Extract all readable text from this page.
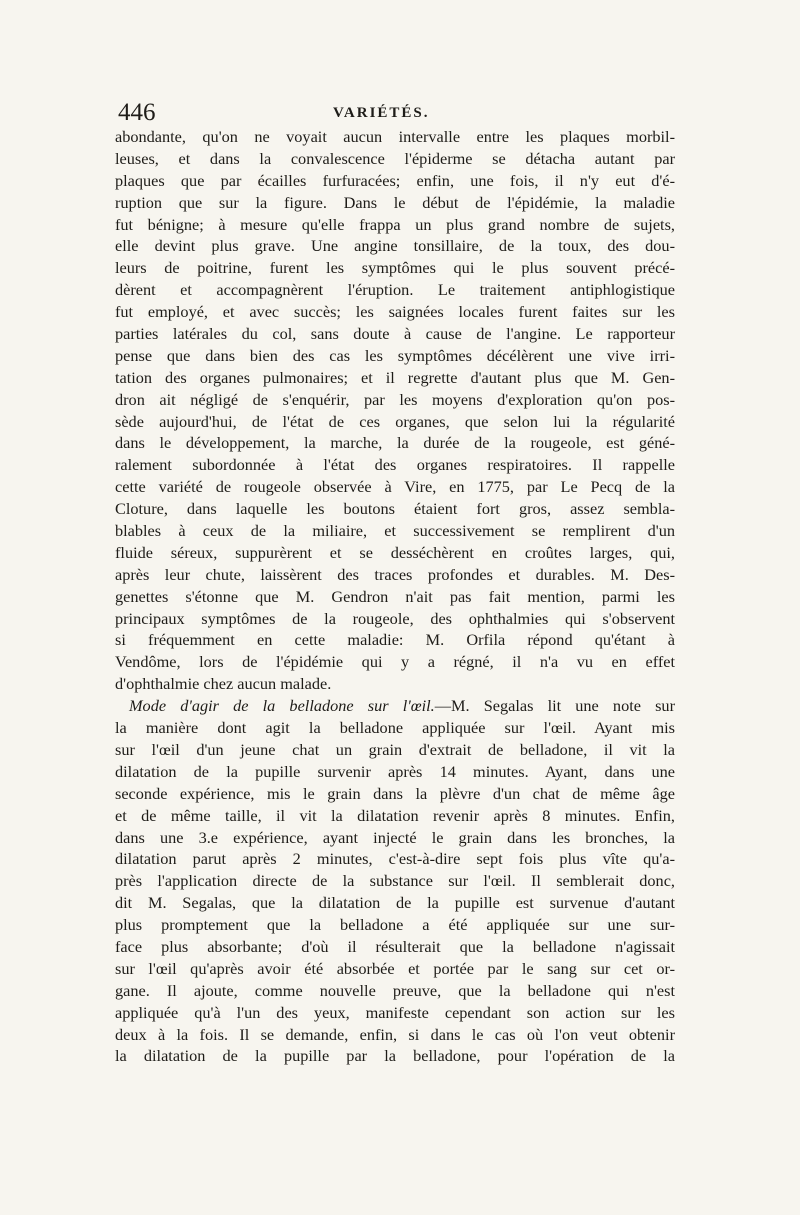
446	VARIÉTÉS.
abondante, qu'on ne voyait aucun intervalle entre les plaques morbil-
leuses, et dans la convalescence l'épiderme se détacha autant par
plaques que par écailles furfuracées; enfin, une fois, il n'y eut d'é-
ruption que sur la figure. Dans le début de l'épidémie, la maladie
fut bénigne; à mesure qu'elle frappa un plus grand nombre de sujets,
elle devint plus grave. Une angine tonsillaire, de la toux, des dou-
leurs de poitrine, furent les symptômes qui le plus souvent précé-
dèrent et accompagnèrent l'éruption. Le traitement antiphlogistique
fut employé, et avec succès; les saignées locales furent faites sur les
parties latérales du col, sans doute à cause de l'angine. Le rapporteur
pense que dans bien des cas les symptômes décélèrent une vive irri-
tation des organes pulmonaires; et il regrette d'autant plus que M. Gen-
dron ait négligé de s'enquérir, par les moyens d'exploration qu'on pos-
sède aujourd'hui, de l'état de ces organes, que selon lui la régularité
dans le développement, la marche, la durée de la rougeole, est géné-
ralement subordonnée à l'état des organes respiratoires. Il rappelle
cette variété de rougeole observée à Vire, en 1775, par Le Pecq de la
Cloture, dans laquelle les boutons étaient fort gros, assez sembla-
blables à ceux de la miliaire, et successivement se remplirent d'un
fluide séreux, suppurèrent et se desséchèrent en croûtes larges, qui,
après leur chute, laissèrent des traces profondes et durables. M. Des-
genettes s'étonne que M. Gendron n'ait pas fait mention, parmi les
principaux symptômes de la rougeole, des ophthalmies qui s'observent
si fréquemment en cette maladie: M. Orfila répond qu'étant à
Vendôme, lors de l'épidémie qui y a régné, il n'a vu en effet
d'ophthalmie chez aucun malade.
Mode d'agir de la belladone sur l'œil.—M. Segalas lit une note sur
la manière dont agit la belladone appliquée sur l'œil. Ayant mis
sur l'œil d'un jeune chat un grain d'extrait de belladone, il vit la
dilatation de la pupille survenir après 14 minutes. Ayant, dans une
seconde expérience, mis le grain dans la plèvre d'un chat de même âge
et de même taille, il vit la dilatation revenir après 8 minutes. Enfin,
dans une 3.e expérience, ayant injecté le grain dans les bronches, la
dilatation parut après 2 minutes, c'est-à-dire sept fois plus vîte qu'a-
près l'application directe de la substance sur l'œil. Il semblerait donc,
dit M. Segalas, que la dilatation de la pupille est survenue d'autant
plus promptement que la belladone a été appliquée sur une sur-
face plus absorbante; d'où il résulterait que la belladone n'agissait
sur l'œil qu'après avoir été absorbée et portée par le sang sur cet or-
gane. Il ajoute, comme nouvelle preuve, que la belladone qui n'est
appliquée qu'à l'un des yeux, manifeste cependant son action sur les
deux à la fois. Il se demande, enfin, si dans le cas où l'on veut obtenir
la dilatation de la pupille par la belladone, pour l'opération de la
